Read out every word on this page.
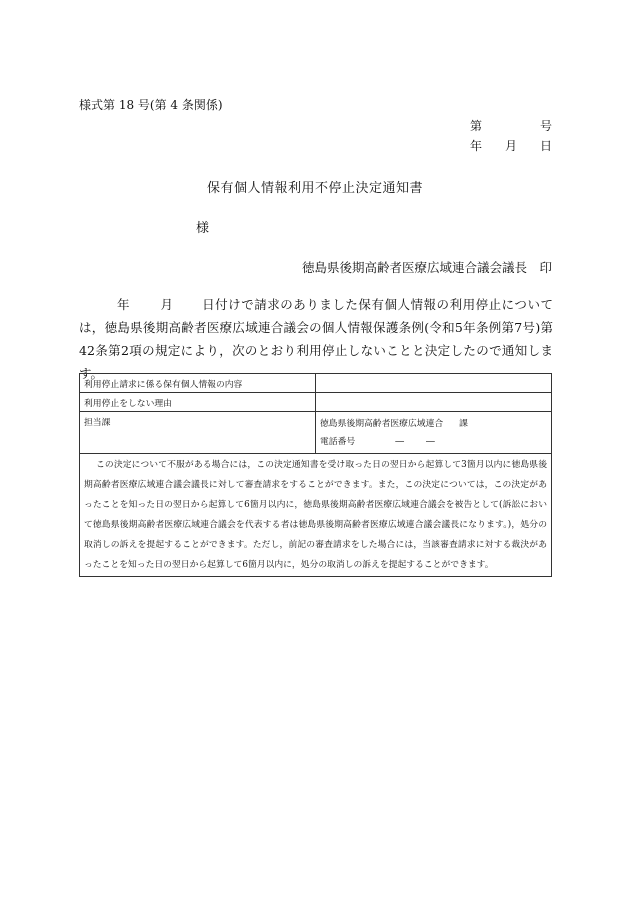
様式第 18 号(第 4 条関係)
第	号
年 月 日
保有個人情報利用不停止決定通知書
様
徳島県後期高齢者医療広域連合議会議長　印
年 月 日付けで請求のありました保有個人情報の利用停止については，徳島県後期高齢者医療広域連合議会の個人情報保護条例(令和5年条例第7号)第42条第2項の規定により，次のとおり利用停止しないことと決定したので通知します。
利用停止請求に係る保有個人情報の内容	
利用停止をしない理由	
担当課	徳島県後期高齢者医療広域連合 課
電話番号 ― ―

この決定について不服がある場合には，この決定通知書を受け取った日の翌日から起算して3箇月以内に徳島県後期高齢者医療広域連合議会議長に対して審査請求をすることができます。また，この決定については，この決定があったことを知った日の翌日から起算して6箇月以内に，徳島県後期高齢者医療広域連合議会を被告として(訴訟において徳島県後期高齢者医療広域連合議会を代表する者は徳島県後期高齢者医療広域連合議会議長になります。)，処分の取消しの訴えを提起することができます。ただし，前記の審査請求をした場合には，当該審査請求に対する裁決があったことを知った日の翌日から起算して6箇月以内に，処分の取消しの訴えを提起することができます。	
